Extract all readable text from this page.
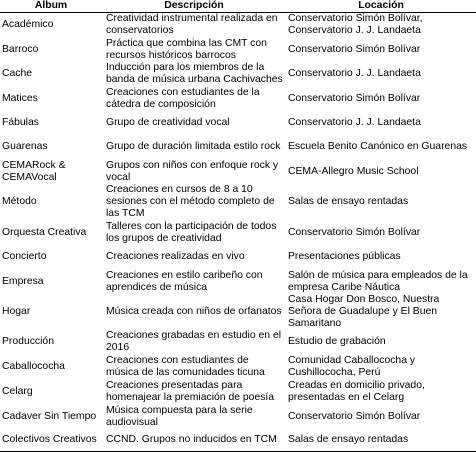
Álbum	Descripción	Locación
Académico	Creatividad instrumental realizada en conservatorios	Conservatorio Simón Bolívar, Conservatorio J. J. Landaeta
Barroco	Práctica que combina las CMT con recursos históricos barrocos	Conservatorio Simón Bolívar
Cache	Inducción para los miembros de la banda de música urbana Cachivaches	Conservatorio J. J. Landaeta
Matices	Creaciones con estudiantes de la cátedra de composición	Conservatorio Simón Bolívar
Fábulas	Grupo de creatividad vocal	Conservatorio J. J. Landaeta
Guarenas	Grupo de duración limitada estilo rock	Escuela Benito Canónico en Guarenas
CEMARock & CEMAVocal	Grupos con niños con enfoque rock y vocal	CEMA-Allegro Music School
Método	Creaciones en cursos de 8 a 10 sesiones con el método completo de las TCM	Salas de ensayo rentadas
Orquesta Creativa	Talleres con la participación de todos los grupos de creatividad	Conservatorio Simón Bolívar
Concierto	Creaciones realizadas en vivo	Presentaciones públicas
Empresa	Creaciones en estilo caribeño con aprendices de música	Salón de música para empleados de la empresa Caribe Náutica
Hogar	Música creada con niños de orfanatos	Casa Hogar Don Bosco, Nuestra Señora de Guadalupe y El Buen Samaritano
Producción	Creaciones grabadas en estudio en el 2016	Estudio de grabación
Caballococha	Creaciones con estudiantes de música de las comunidades ticuna	Comunidad Caballococha y Cushillococha, Perú
Celarg	Creaciones presentadas para homenajear la premiación de poesía	Creadas en domicilio privado, presentadas en el Celarg
Cadaver Sin Tiempo	Música compuesta para la serie audiovisual	Conservatorio Simón Bolívar
Colectivos Creativos	CCND. Grupos no inducidos en TCM	Salas de ensayo rentadas
